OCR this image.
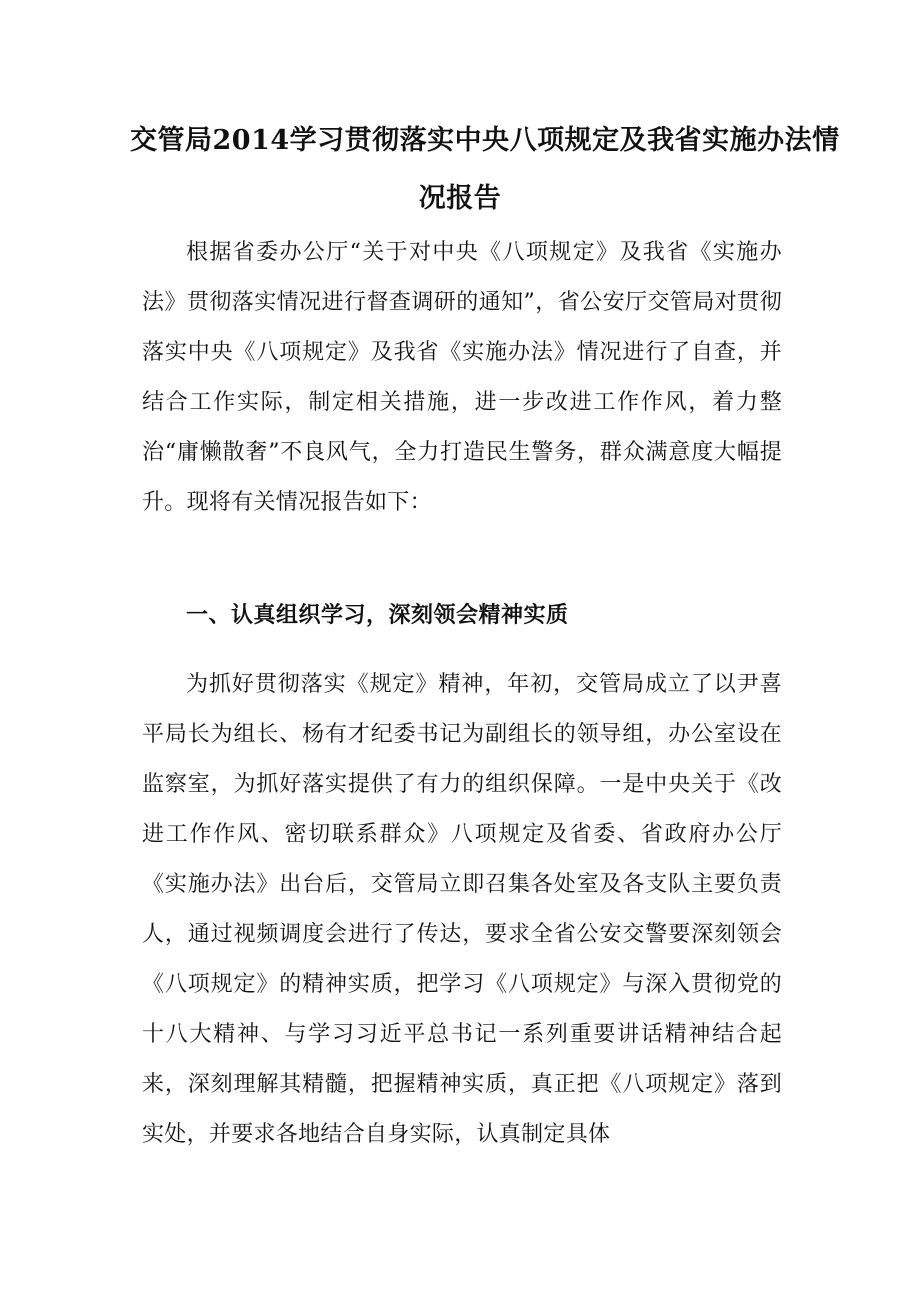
交管局2014学习贯彻落实中央八项规定及我省实施办法情
况报告

根据省委办公厅“关于对中央《八项规定》及我省《实施办法》贯彻落实情况进行督查调研的通知”，省公安厅交管局对贯彻落实中央《八项规定》及我省《实施办法》情况进行了自查，并结合工作实际，制定相关措施，进一步改进工作作风，着力整治“庸懒散奢”不良风气，全力打造民生警务，群众满意度大幅提升。现将有关情况报告如下：

一、认真组织学习，深刻领会精神实质

为抓好贯彻落实《规定》精神，年初，交管局成立了以尹喜平局长为组长、杨有才纪委书记为副组长的领导组，办公室设在监察室，为抓好落实提供了有力的组织保障。一是中央关于《改进工作作风、密切联系群众》八项规定及省委、省政府办公厅《实施办法》出台后，交管局立即召集各处室及各支队主要负责人，通过视频调度会进行了传达，要求全省公安交警要深刻领会《八项规定》的精神实质，把学习《八项规定》与深入贯彻党的十八大精神、与学习习近平总书记一系列重要讲话精神结合起来，深刻理解其精髓，把握精神实质，真正把《八项规定》落到实处，并要求各地结合自身实际，认真制定具体
